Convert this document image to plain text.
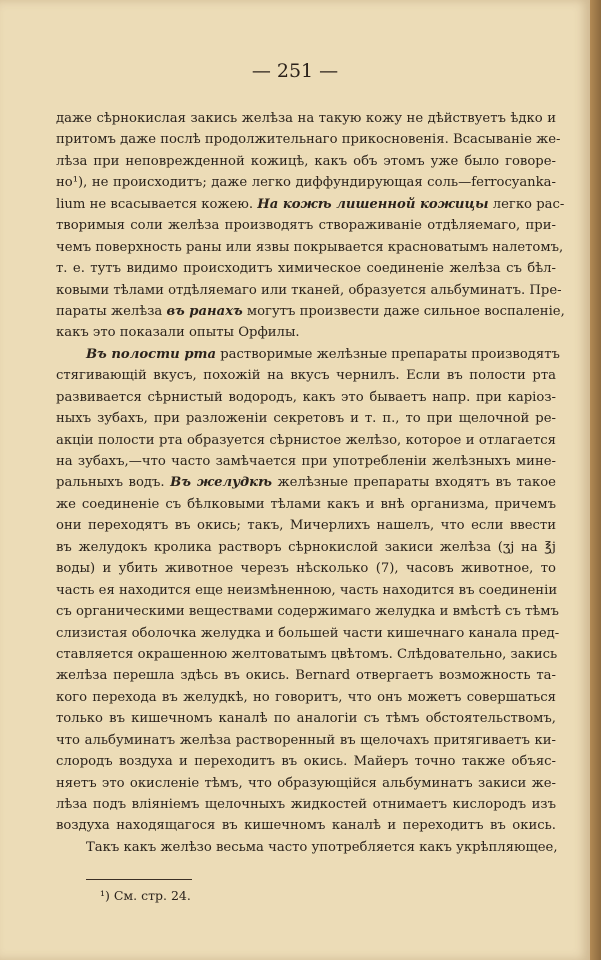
— 251 —
даже сѣрнокислая закись желѣза на такую кожу не дѣйствуетъ ѣдко и
притомъ даже послѣ продолжительнаго прикосновенія. Всасываніе же-
лѣза при неповрежденной кожицѣ, какъ объ этомъ уже было говоре-
но¹), не происходитъ; даже легко диффундирующая соль—ferrocyanka-
lium не всасывается кожею. На кожѣ лишенной кожицы легко рас-
творимыя соли желѣза производятъ створаживаніе отдѣляемаго, при-
чемъ поверхность раны или язвы покрывается красноватымъ налетомъ,
т. е. тутъ видимо происходитъ химическое соединеніе желѣза съ бѣл-
ковыми тѣлами отдѣляемаго или тканей, образуется альбуминатъ. Пре-
параты желѣза въ ранахъ могутъ произвести даже сильное воспаленіе,
какъ это показали опыты Орфилы.
Въ полости рта растворимые желѣзные препараты производятъ
стягивающій вкусъ, похожій на вкусъ чернилъ. Если въ полости рта
развивается сѣрнистый водородъ, какъ это бываетъ напр. при каріоз-
ныхъ зубахъ, при разложеніи секретовъ и т. п., то при щелочной ре-
акціи полости рта образуется сѣрнистое желѣзо, которое и отлагается
на зубахъ,—что часто замѣчается при употребленіи желѣзныхъ мине-
ральныхъ водъ. Въ желудкѣ желѣзные препараты входятъ въ такое
же соединеніе съ бѣлковыми тѣлами какъ и внѣ организма, причемъ
они переходятъ въ окись; такъ, Мичерлихъ нашелъ, что если ввести
въ желудокъ кролика растворъ сѣрнокислой закиси желѣза (ʒj на ℥j
воды) и убить животное черезъ нѣсколько (7), часовъ животное, то
часть ея находится еще неизмѣненною, часть находится въ соединеніи
съ органическими веществами содержимаго желудка и вмѣстѣ съ тѣмъ
слизистая оболочка желудка и большей части кишечнаго канала пред-
ставляется окрашенною желтоватымъ цвѣтомъ. Слѣдовательно, закись
желѣза перешла здѣсь въ окись. Bernard отвергаетъ возможность та-
кого перехода въ желудкѣ, но говоритъ, что онъ можетъ совершаться
только въ кишечномъ каналѣ по аналогіи съ тѣмъ обстоятельствомъ,
что альбуминатъ желѣза растворенный въ щелочахъ притягиваетъ ки-
слородъ воздуха и переходитъ въ окись. Майеръ точно также объяс-
няетъ это окисленіе тѣмъ, что образующійся альбуминатъ закиси же-
лѣза подъ вліяніемъ щелочныхъ жидкостей отнимаетъ кислородъ изъ
воздуха находящагося въ кишечномъ каналѣ и переходитъ въ окись.
Такъ какъ желѣзо весьма часто употребляется какъ укрѣпляющее,
¹) См. стр. 24.
